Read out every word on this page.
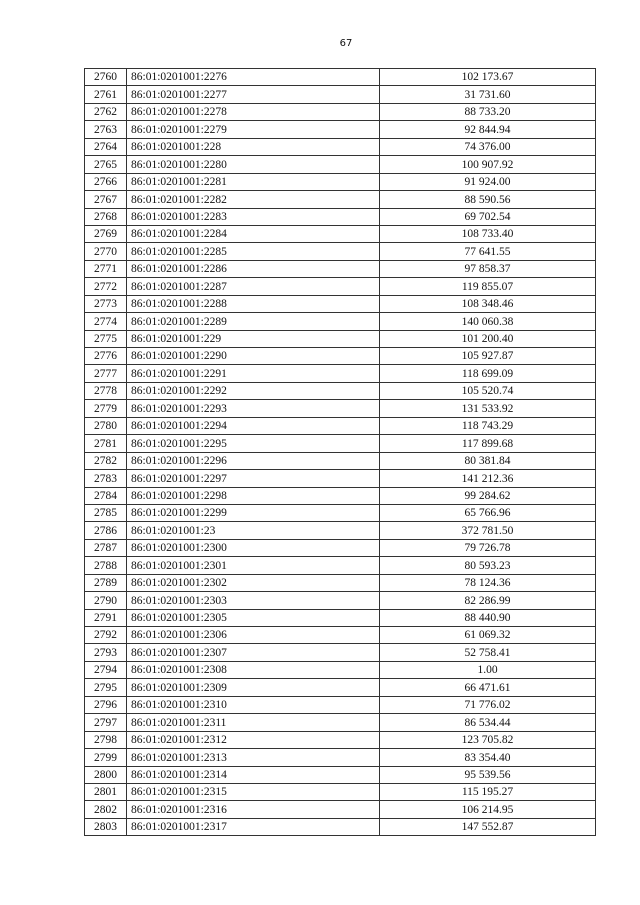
67
2760	86:01:0201001:2276	102 173.67
2761	86:01:0201001:2277	31 731.60
2762	86:01:0201001:2278	88 733.20
2763	86:01:0201001:2279	92 844.94
2764	86:01:0201001:228	74 376.00
2765	86:01:0201001:2280	100 907.92
2766	86:01:0201001:2281	91 924.00
2767	86:01:0201001:2282	88 590.56
2768	86:01:0201001:2283	69 702.54
2769	86:01:0201001:2284	108 733.40
2770	86:01:0201001:2285	77 641.55
2771	86:01:0201001:2286	97 858.37
2772	86:01:0201001:2287	119 855.07
2773	86:01:0201001:2288	108 348.46
2774	86:01:0201001:2289	140 060.38
2775	86:01:0201001:229	101 200.40
2776	86:01:0201001:2290	105 927.87
2777	86:01:0201001:2291	118 699.09
2778	86:01:0201001:2292	105 520.74
2779	86:01:0201001:2293	131 533.92
2780	86:01:0201001:2294	118 743.29
2781	86:01:0201001:2295	117 899.68
2782	86:01:0201001:2296	80 381.84
2783	86:01:0201001:2297	141 212.36
2784	86:01:0201001:2298	99 284.62
2785	86:01:0201001:2299	65 766.96
2786	86:01:0201001:23	372 781.50
2787	86:01:0201001:2300	79 726.78
2788	86:01:0201001:2301	80 593.23
2789	86:01:0201001:2302	78 124.36
2790	86:01:0201001:2303	82 286.99
2791	86:01:0201001:2305	88 440.90
2792	86:01:0201001:2306	61 069.32
2793	86:01:0201001:2307	52 758.41
2794	86:01:0201001:2308	1.00
2795	86:01:0201001:2309	66 471.61
2796	86:01:0201001:2310	71 776.02
2797	86:01:0201001:2311	86 534.44
2798	86:01:0201001:2312	123 705.82
2799	86:01:0201001:2313	83 354.40
2800	86:01:0201001:2314	95 539.56
2801	86:01:0201001:2315	115 195.27
2802	86:01:0201001:2316	106 214.95
2803	86:01:0201001:2317	147 552.87
